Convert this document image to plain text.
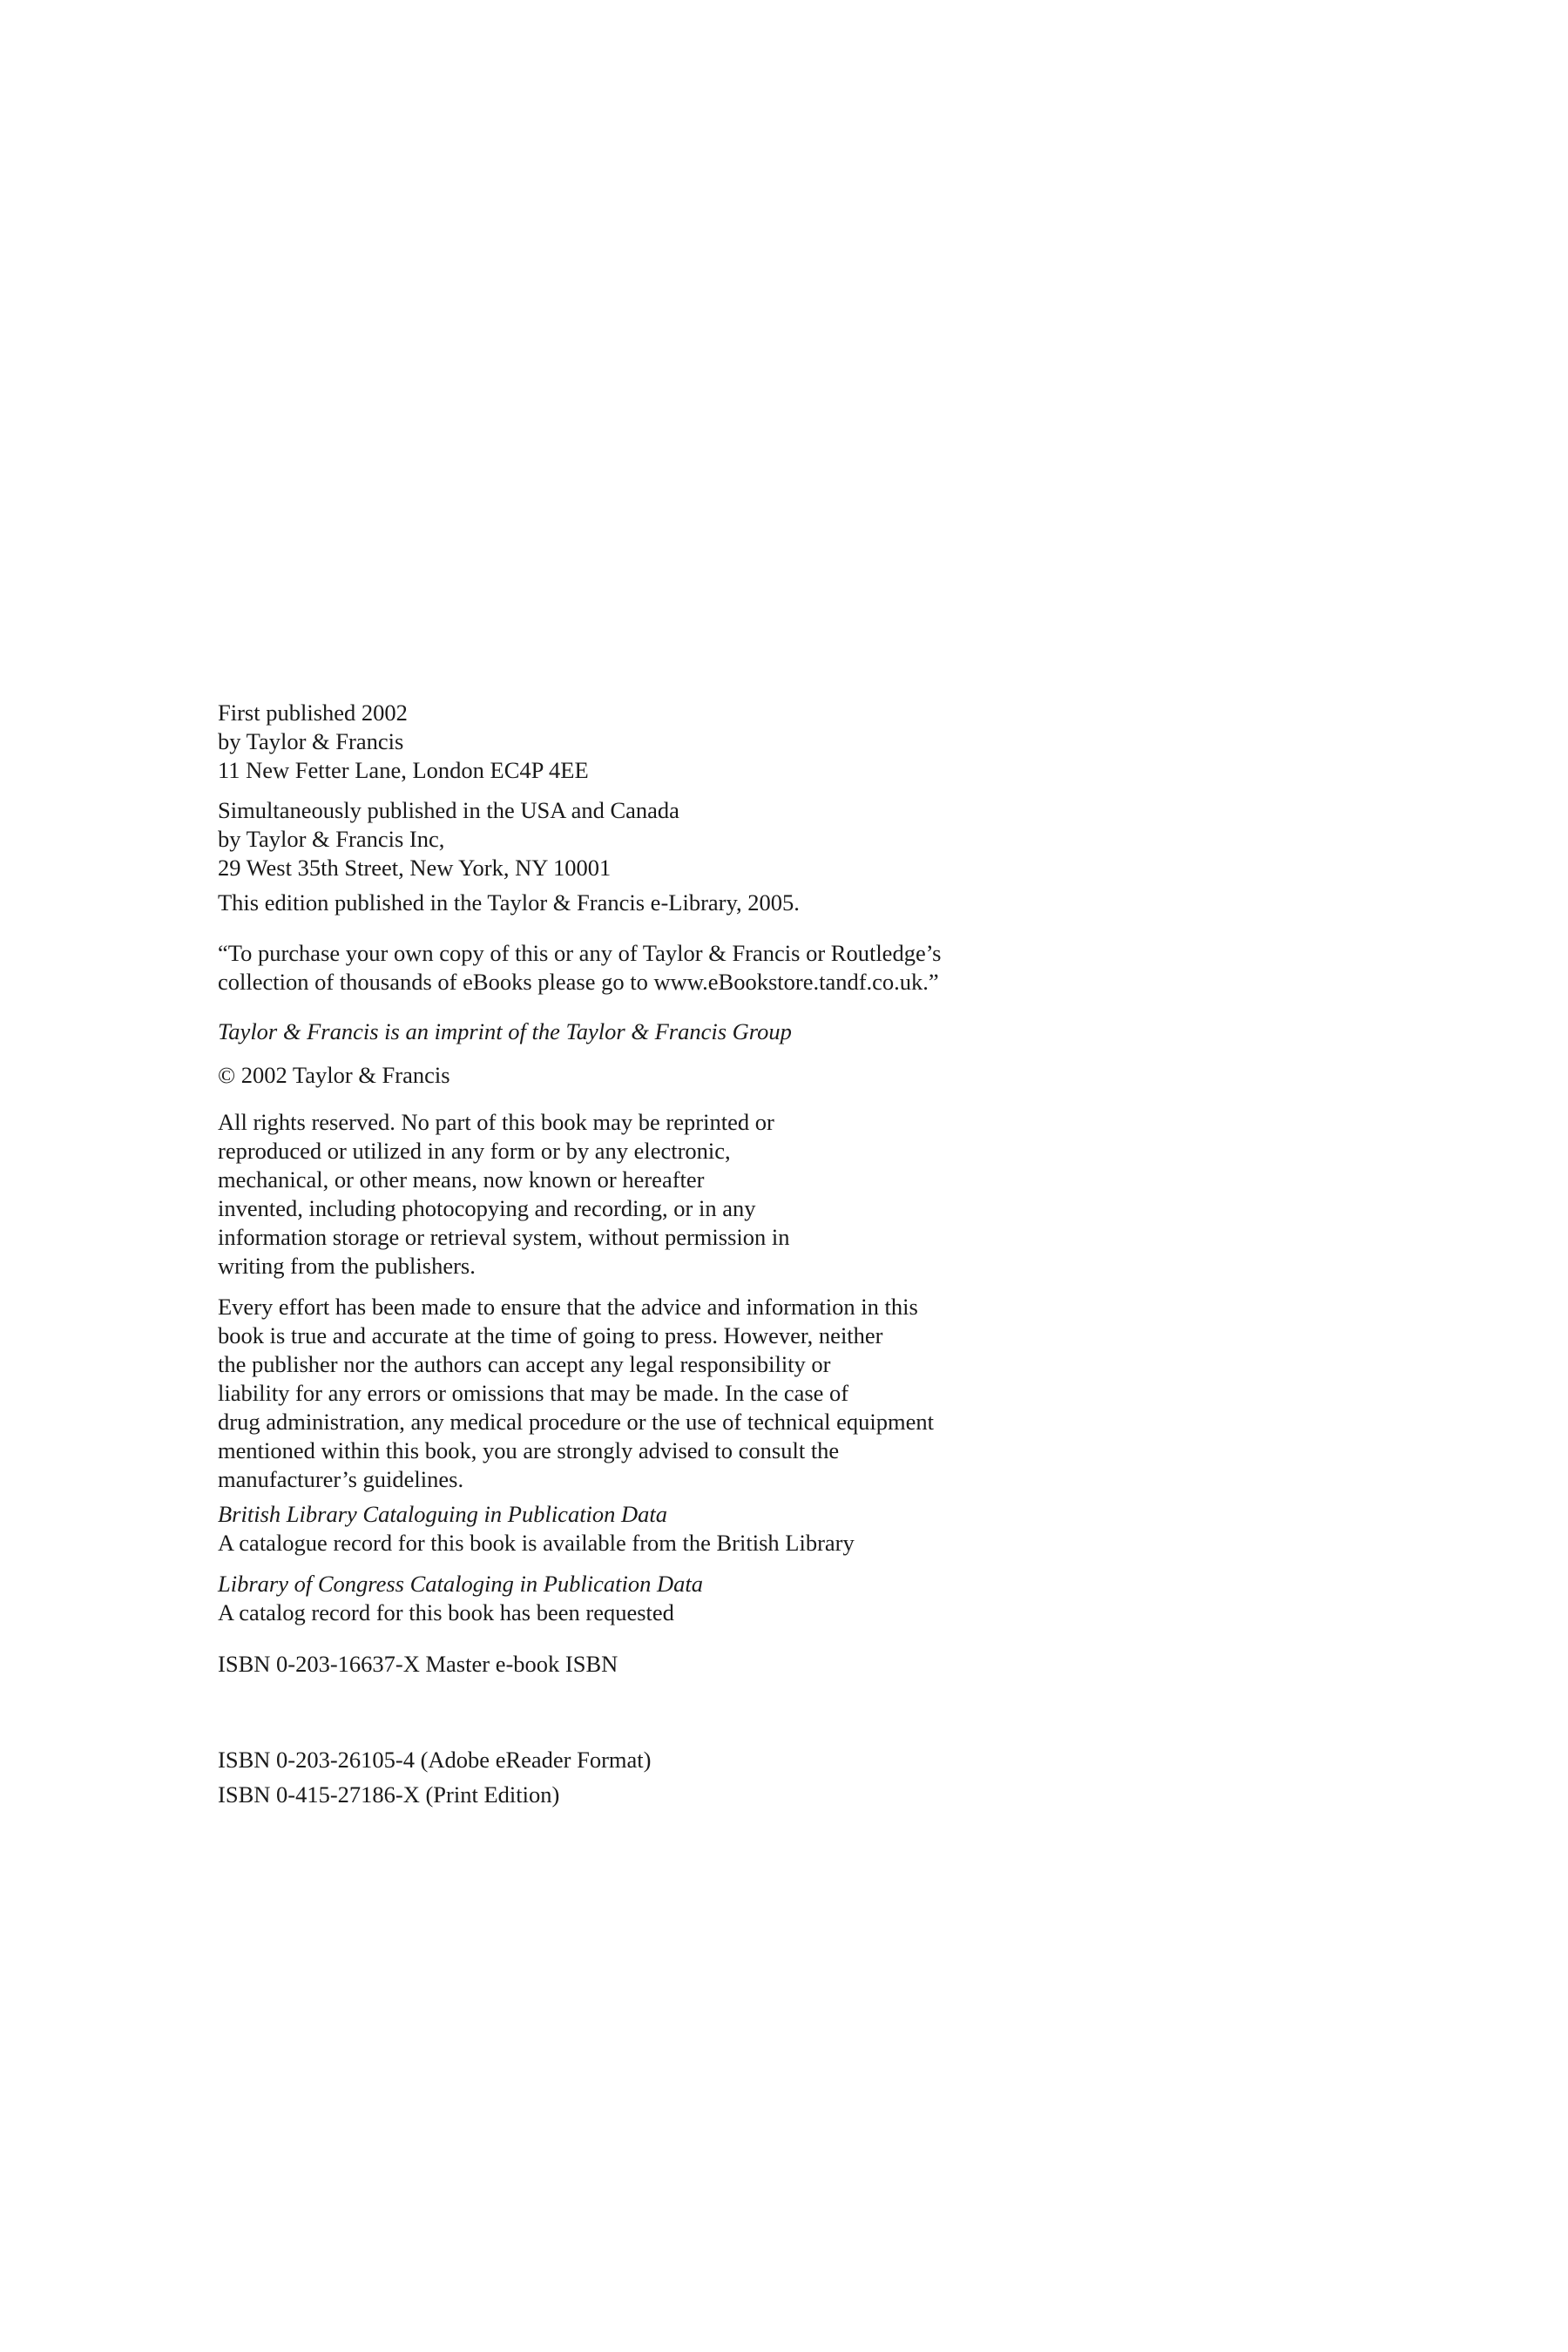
First published 2002
by Taylor & Francis
11 New Fetter Lane, London EC4P 4EE
Simultaneously published in the USA and Canada
by Taylor & Francis Inc,
29 West 35th Street, New York, NY 10001
This edition published in the Taylor & Francis e-Library, 2005.
“To purchase your own copy of this or any of Taylor & Francis or Routledge’s
collection of thousands of eBooks please go to www.eBookstore.tandf.co.uk.”
Taylor & Francis is an imprint of the Taylor & Francis Group
© 2002 Taylor & Francis
All rights reserved. No part of this book may be reprinted or
reproduced or utilized in any form or by any electronic,
mechanical, or other means, now known or hereafter
invented, including photocopying and recording, or in any
information storage or retrieval system, without permission in
writing from the publishers.
Every effort has been made to ensure that the advice and information in this
book is true and accurate at the time of going to press. However, neither
the publisher nor the authors can accept any legal responsibility or
liability for any errors or omissions that may be made. In the case of
drug administration, any medical procedure or the use of technical equipment
mentioned within this book, you are strongly advised to consult the
manufacturer’s guidelines.
British Library Cataloguing in Publication Data
A catalogue record for this book is available from the British Library
Library of Congress Cataloging in Publication Data
A catalog record for this book has been requested
ISBN 0-203-16637-X Master e-book ISBN
ISBN 0-203-26105-4 (Adobe eReader Format)
ISBN 0-415-27186-X (Print Edition)
